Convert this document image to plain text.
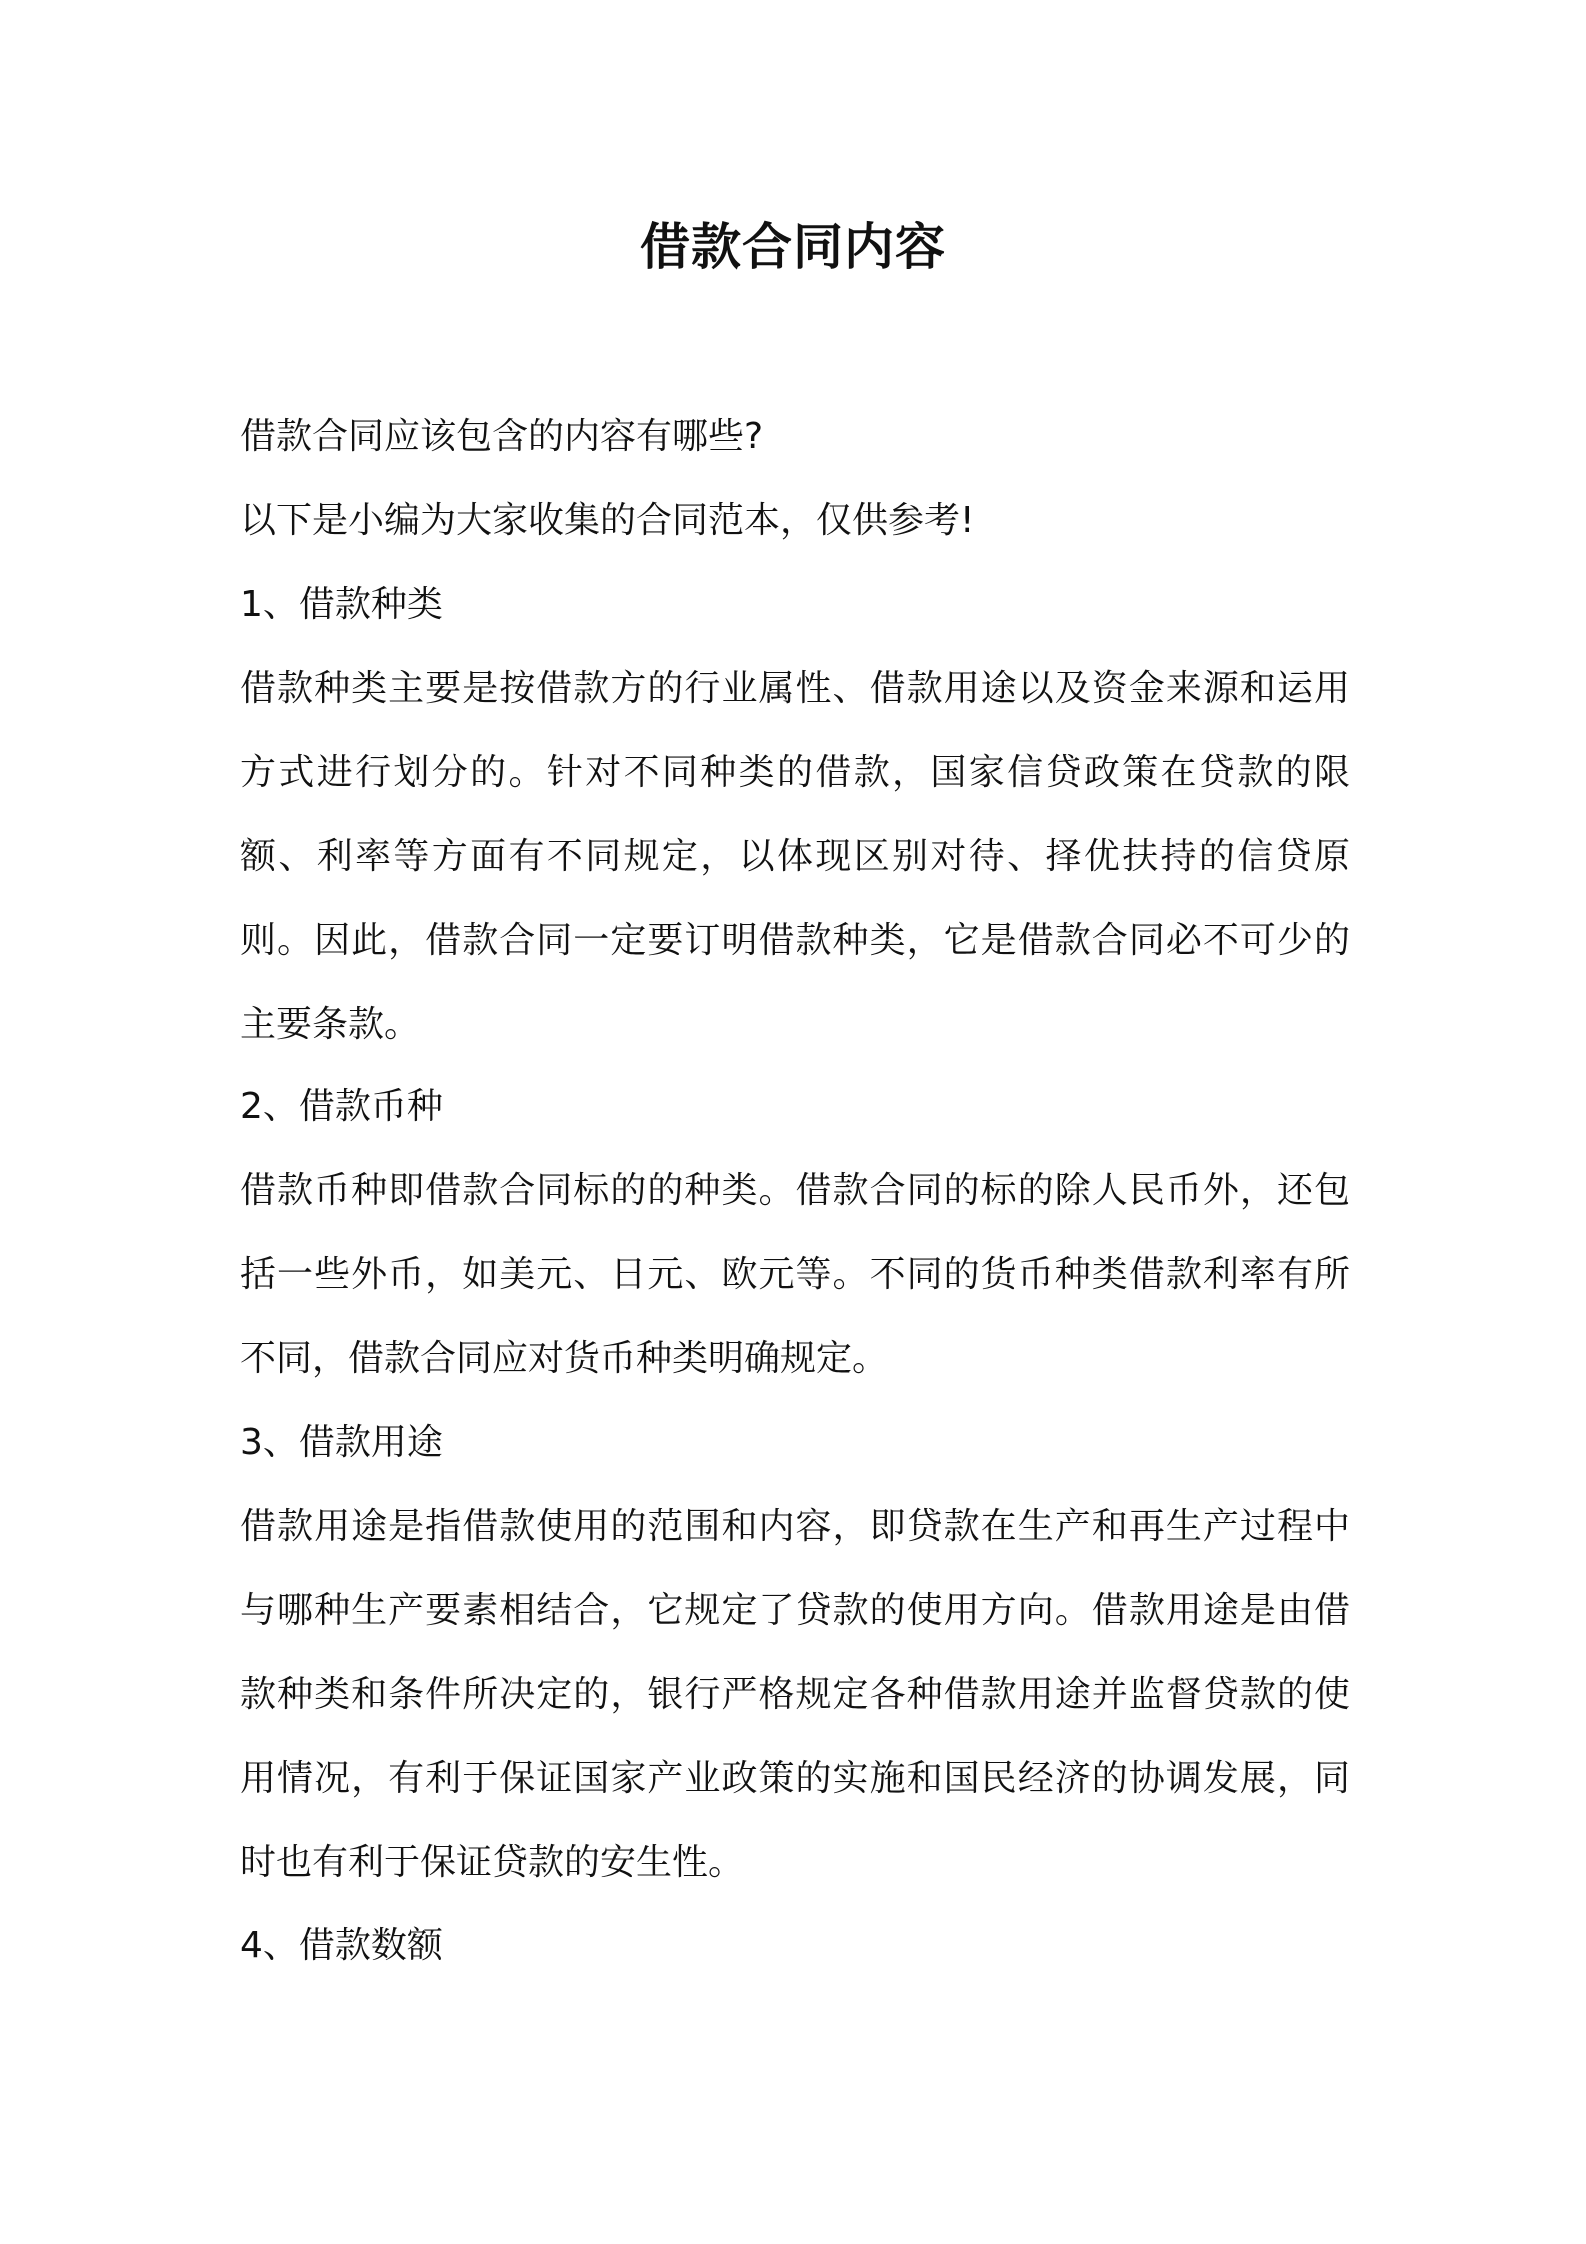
借款合同内容

借款合同应该包含的内容有哪些?

以下是小编为大家收集的合同范本，仅供参考!

1、借款种类

借款种类主要是按借款方的行业属性、借款用途以及资金来源和运用方式进行划分的。针对不同种类的借款，国家信贷政策在贷款的限额、利率等方面有不同规定，以体现区别对待、择优扶持的信贷原则。因此，借款合同一定要订明借款种类，它是借款合同必不可少的主要条款。

2、借款币种

借款币种即借款合同标的的种类。借款合同的标的除人民币外，还包括一些外币，如美元、日元、欧元等。不同的货币种类借款利率有所不同，借款合同应对货币种类明确规定。

3、借款用途

借款用途是指借款使用的范围和内容，即贷款在生产和再生产过程中与哪种生产要素相结合，它规定了贷款的使用方向。借款用途是由借款种类和条件所决定的，银行严格规定各种借款用途并监督贷款的使用情况，有利于保证国家产业政策的实施和国民经济的协调发展，同时也有利于保证贷款的安生性。

4、借款数额
